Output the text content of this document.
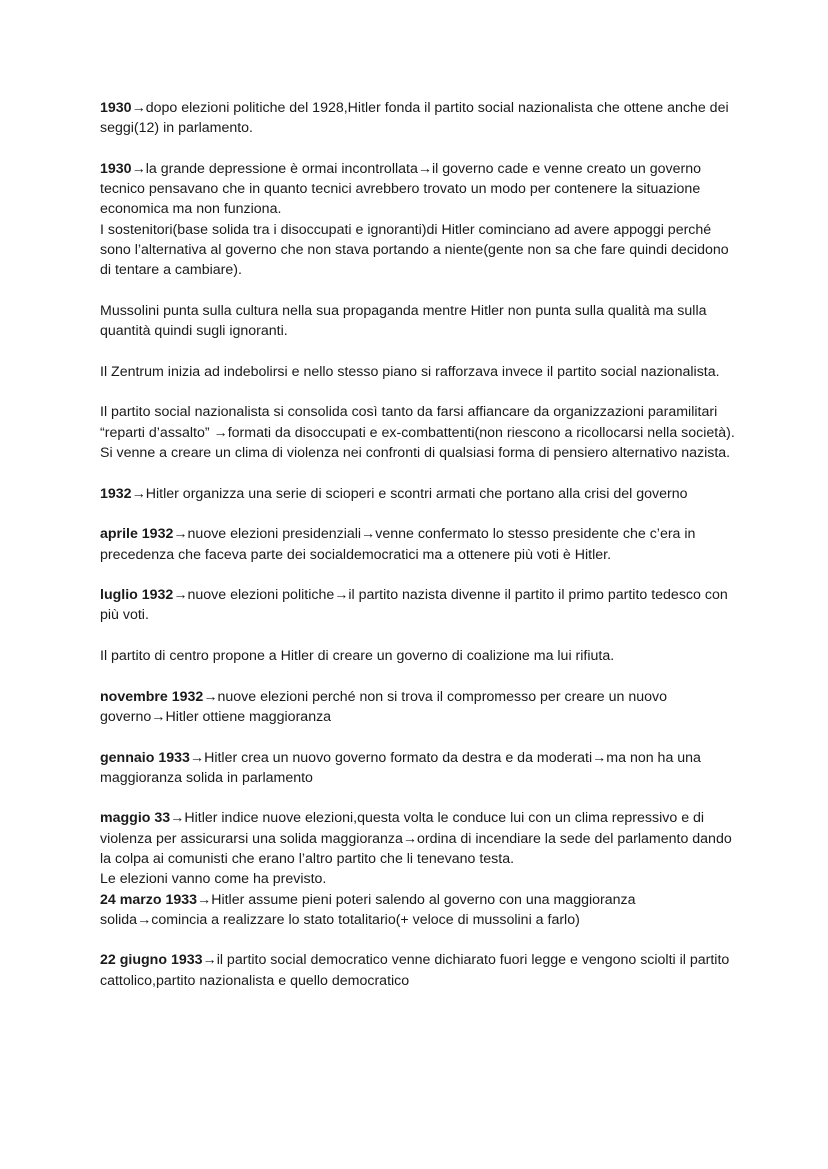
1930→dopo elezioni politiche del 1928,Hitler fonda il partito social nazionalista che ottene anche dei seggi(12) in parlamento.

1930→la grande depressione è ormai incontrollata→il governo cade e venne creato un governo tecnico pensavano che in quanto tecnici avrebbero trovato un modo per contenere la situazione economica ma non funziona.

I sostenitori(base solida tra i disoccupati e ignoranti)di Hitler cominciano ad avere appoggi perché sono l’alternativa al governo che non stava portando a niente(gente non sa che fare quindi decidono di tentare a cambiare).

Mussolini punta sulla cultura nella sua propaganda mentre Hitler non punta sulla qualità ma sulla quantità quindi sugli ignoranti.

Il Zentrum inizia ad indebolirsi e nello stesso piano si rafforzava invece il partito social nazionalista.

Il partito social nazionalista si consolida così tanto da farsi affiancare da organizzazioni paramilitari “reparti d’assalto” →formati da disoccupati e ex-combattenti(non riescono a ricollocarsi nella società).

Si venne a creare un clima di violenza nei confronti di qualsiasi forma di pensiero alternativo nazista.

1932→Hitler organizza una serie di scioperi e scontri armati che portano alla crisi del governo

aprile 1932→nuove elezioni presidenziali→venne confermato lo stesso presidente che c’era in precedenza che faceva parte dei socialdemocratici ma a ottenere più voti è Hitler.

luglio 1932→nuove elezioni politiche→il partito nazista divenne il partito il primo partito tedesco con più voti.

Il partito di centro propone a Hitler di creare un governo di coalizione ma lui rifiuta.

novembre 1932→nuove elezioni perché non si trova il compromesso per creare un nuovo governo→Hitler ottiene maggioranza

gennaio 1933→Hitler crea un nuovo governo formato da destra e da moderati→ma non ha una maggioranza solida in parlamento

maggio 33→Hitler indice nuove elezioni,questa volta le conduce lui con un clima repressivo e di violenza per assicurarsi una solida maggioranza→ordina di incendiare la sede del parlamento dando la colpa ai comunisti che erano l’altro partito che li tenevano testa.

Le elezioni vanno come ha previsto.

24 marzo 1933→Hitler assume pieni poteri salendo al governo con una maggioranza solida→comincia a realizzare lo stato totalitario(+ veloce di mussolini a farlo)

22 giugno 1933→il partito social democratico venne dichiarato fuori legge e vengono sciolti il partito cattolico,partito nazionalista e quello democratico
